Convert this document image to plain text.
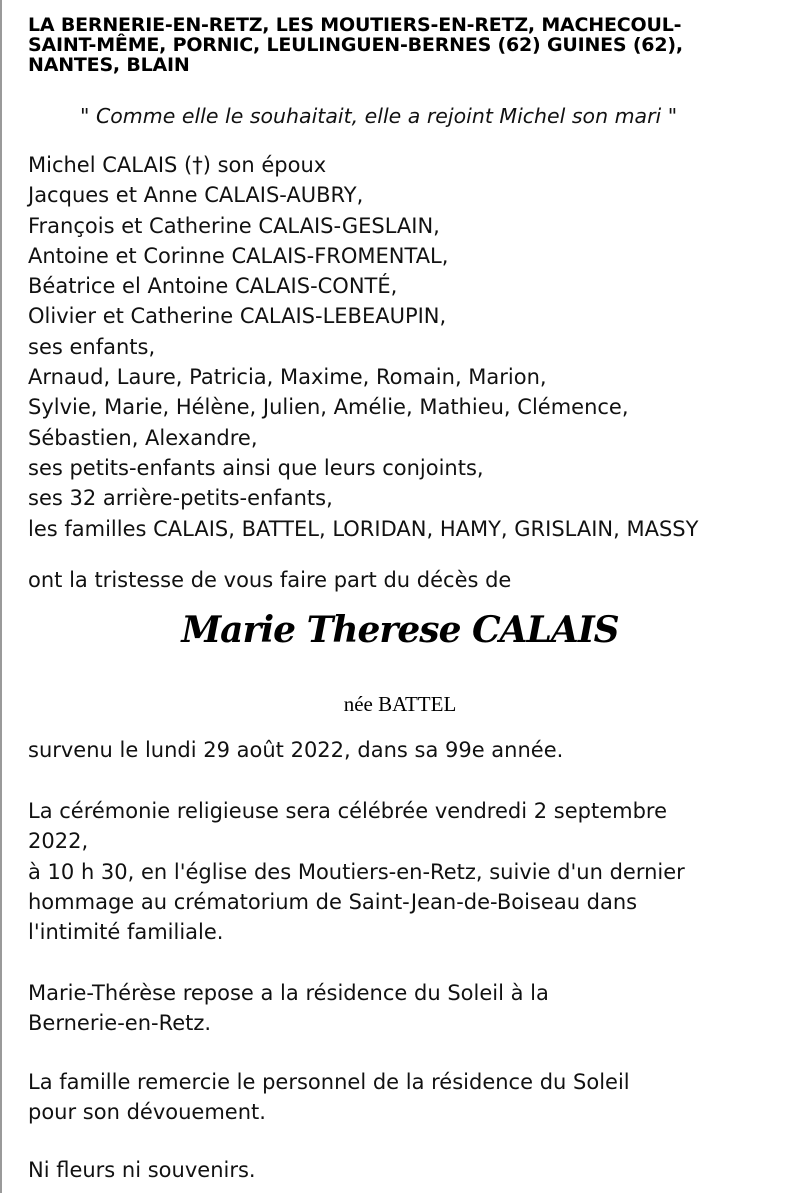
LA BERNERIE-EN-RETZ, LES MOUTIERS-EN-RETZ, MACHECOUL-
SAINT-MÊME, PORNIC, LEULINGUEN-BERNES (62) GUINES (62),
NANTES, BLAIN
" Comme elle le souhaitait, elle a rejoint Michel son mari "
Michel CALAIS (†) son époux
Jacques et Anne CALAIS-AUBRY,
François et Catherine CALAIS-GESLAIN,
Antoine et Corinne CALAIS-FROMENTAL,
Béatrice el Antoine CALAIS-CONTÉ,
Olivier et Catherine CALAIS-LEBEAUPIN,
ses enfants,
Arnaud, Laure, Patricia, Maxime, Romain, Marion,
Sylvie, Marie, Hélène, Julien, Amélie, Mathieu, Clémence,
Sébastien, Alexandre,
ses petits-enfants ainsi que leurs conjoints,
ses 32 arrière-petits-enfants,
les familles CALAIS, BATTEL, LORIDAN, HAMY, GRISLAIN, MASSY
ont la tristesse de vous faire part du décès de
Marie Therese CALAIS
née BATTEL
survenu le lundi 29 août 2022, dans sa 99e année.
La cérémonie religieuse sera célébrée vendredi 2 septembre
2022,
à 10 h 30, en l'église des Moutiers-en-Retz, suivie d'un dernier
hommage au crématorium de Saint-Jean-de-Boiseau dans
l'intimité familiale.
Marie-Thérèse repose a la résidence du Soleil à la
Bernerie-en-Retz.
La famille remercie le personnel de la résidence du Soleil
pour son dévouement.
Ni fleurs ni souvenirs.
